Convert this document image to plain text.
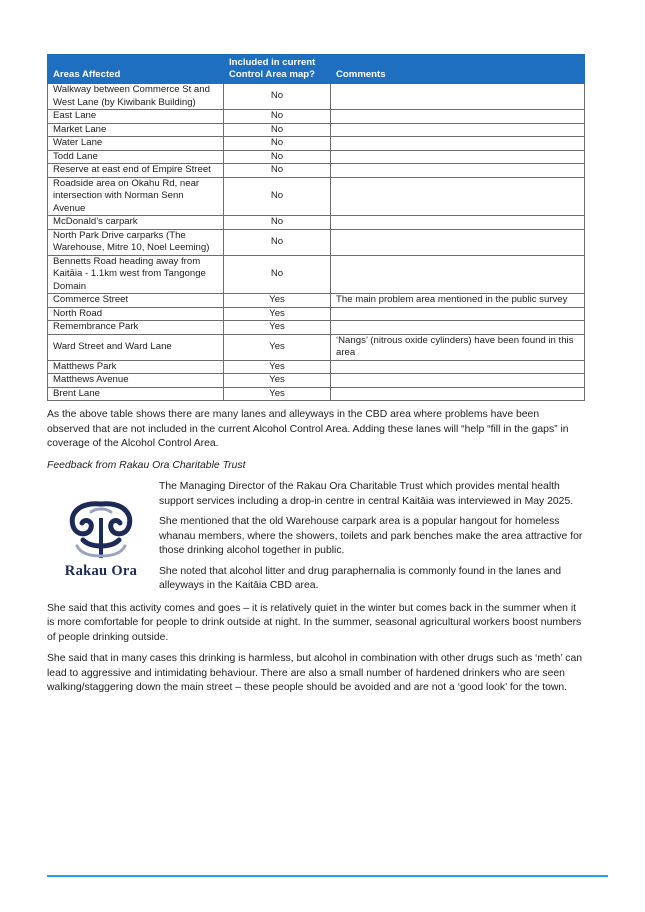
Areas Affected	Included in current Control Area map?	Comments
Walkway between Commerce St and West Lane (by Kiwibank Building)	No	
East Lane	No	
Market Lane	No	
Water Lane	No	
Todd Lane	No	
Reserve at east end of Empire Street	No	
Roadside area on Okahu Rd, near intersection with Norman Senn Avenue	No	
McDonald’s carpark	No	
North Park Drive carparks (The Warehouse, Mitre 10, Noel Leeming)	No	
Bennetts Road heading away from Kaitāia - 1.1km west from Tangonge Domain	No	
Commerce Street	Yes	The main problem area mentioned in the public survey
North Road	Yes	
Remembrance Park	Yes	
Ward Street and Ward Lane	Yes	‘Nangs’ (nitrous oxide cylinders) have been found in this area
Matthews Park	Yes	
Matthews Avenue	Yes	
Brent Lane	Yes	

As the above table shows there are many lanes and alleyways in the CBD area where problems have been observed that are not included in the current Alcohol Control Area. Adding these lanes will “help “fill in the gaps” in coverage of the Alcohol Control Area.

Feedback from Rakau Ora Charitable Trust

Rakau Ora

The Managing Director of the Rakau Ora Charitable Trust which provides mental health support services including a drop-in centre in central Kaitāia was interviewed in May 2025.

She mentioned that the old Warehouse carpark area is a popular hangout for homeless whanau members, where the showers, toilets and park benches make the area attractive for those drinking alcohol together in public.

She noted that alcohol litter and drug paraphernalia is commonly found in the lanes and alleyways in the Kaitāia CBD area.

She said that this activity comes and goes – it is relatively quiet in the winter but comes back in the summer when it is more comfortable for people to drink outside at night. In the summer, seasonal agricultural workers boost numbers of people drinking outside.

She said that in many cases this drinking is harmless, but alcohol in combination with other drugs such as ‘meth’ can lead to aggressive and intimidating behaviour. There are also a small number of hardened drinkers who are seen walking/staggering down the main street – these people should be avoided and are not a ‘good look’ for the town.
